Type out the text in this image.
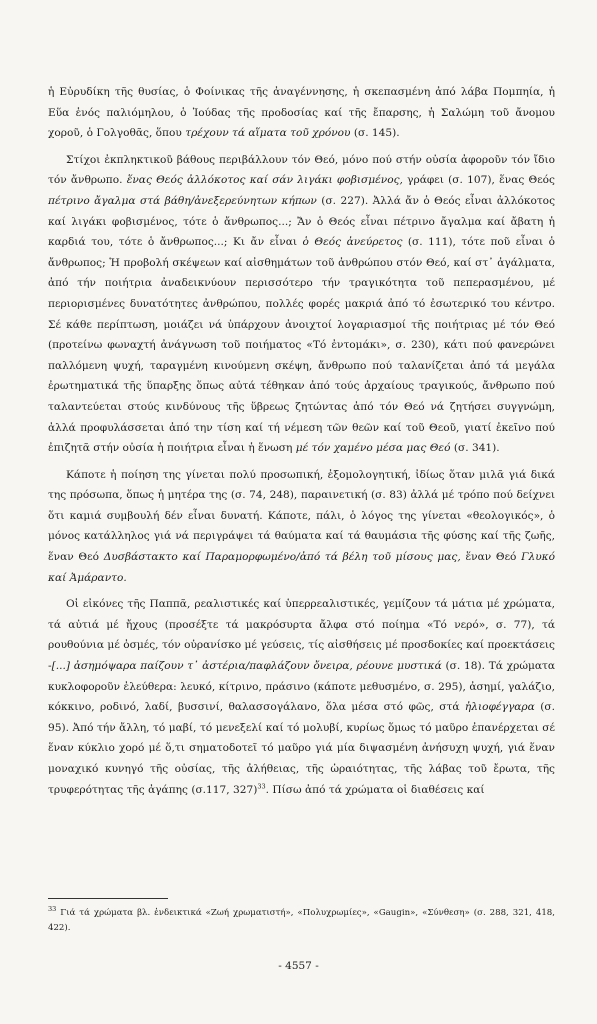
ἡ Εὐρυδίκη τῆς θυσίας, ὁ Φοίνικας τῆς ἀναγέννησης, ἡ σκεπασμένη ἀπό λάβα Πομπηία, ἡ Εὕα ἑνός παλιόμηλου, ὁ Ἰούδας τῆς προδοσίας καί τῆς ἔπαρσης, ἡ Σαλώμη τοῦ ἄνομου χοροῦ, ὁ Γολγοθᾶς, ὅπου τρέχουν τά αἵματα τοῦ χρόνου (σ. 145).

Στίχοι ἐκπληκτικοῦ βάθους περιβάλλουν τόν Θεό, μόνο πού στήν οὐσία ἀφοροῦν τόν ἴδιο τόν ἄνθρωπο. ἕνας Θεός ἀλλόκοτος καί σάν λιγάκι φοβισμένος, γράφει (σ. 107), ἕνας Θεός πέτρινο ἄγαλμα στά βάθη/ἀνεξερεύνητων κήπων (σ. 227). Ἀλλά ἄν ὁ Θεός εἶναι ἀλλόκοτος καί λιγάκι φοβισμένος, τότε ὁ ἄνθρωπος...; Ἄν ὁ Θεός εἶναι πέτρινο ἄγαλμα καί ἄβατη ἡ καρδιά του, τότε ὁ ἄνθρωπος...; Κι ἄν εἶναι ὁ Θεός ἀνεύρετος (σ. 111), τότε ποῦ εἶναι ὁ ἄνθρωπος; Ἡ προβολή σκέψεων καί αἰσθημάτων τοῦ ἀνθρώπου στόν Θεό, καί στ᾽ ἀγάλματα, ἀπό τήν ποιήτρια ἀναδεικνύουν περισσότερο τήν τραγικότητα τοῦ πεπερασμένου, μέ περιορισμένες δυνατότητες ἀνθρώπου, πολλές φορές μακριά ἀπό τό ἐσωτερικό του κέντρο. Σέ κάθε περίπτωση, μοιάζει νά ὑπάρχουν ἀνοιχτοί λογαριασμοί τῆς ποιήτριας μέ τόν Θεό (προτείνω φωναχτή ἀνάγνωση τοῦ ποιήματος «Τό ἐντομάκι», σ. 230), κάτι πού φανερώνει παλλόμενη ψυχή, ταραγμένη κινούμενη σκέψη, ἄνθρωπο πού ταλανίζεται ἀπό τά μεγάλα ἐρωτηματικά τῆς ὕπαρξης ὅπως αὐτά τέθηκαν ἀπό τούς ἀρχαίους τραγικούς, ἄνθρωπο πού ταλαντεύεται στούς κινδύνους τῆς ὕβρεως ζητώντας ἀπό τόν Θεό νά ζητήσει συγγνώμη, ἀλλά προφυλάσσεται ἀπό την τίση καί τή νέμεση τῶν θεῶν καί τοῦ Θεοῦ, γιατί ἐκεῖνο πού ἐπιζητᾶ στήν οὐσία ἡ ποιήτρια εἶναι ἡ ἕνωση μέ τόν χαμένο μέσα μας Θεό (σ. 341).

Κάποτε ἡ ποίηση της γίνεται πολύ προσωπική, ἐξομολογητική, ἰδίως ὅταν μιλᾶ γιά δικά της πρόσωπα, ὅπως ἡ μητέρα της (σ. 74, 248), παραινετική (σ. 83) ἀλλά μέ τρόπο πού δείχνει ὅτι καμιά συμβουλή δέν εἶναι δυνατή. Κάποτε, πάλι, ὁ λόγος της γίνεται «θεολογικός», ὁ μόνος κατάλληλος γιά νά περιγράψει τά θαύματα καί τά θαυμάσια τῆς φύσης καί τῆς ζωῆς, ἕναν Θεό Δυσβάστακτο καί Παραμορφωμένο/ἀπό τά βέλη τοῦ μίσους μας, ἕναν Θεό Γλυκό καί Ἀμάραντο.

Οἱ εἰκόνες τῆς Παππᾶ, ρεαλιστικές καί ὑπερρεαλιστικές, γεμίζουν τά μάτια μέ χρώματα, τά αὐτιά μέ ἤχους (προσέξτε τά μακρόσυρτα ἄλφα στό ποίημα «Τό νερό», σ. 77), τά ρουθούνια μέ ὀσμές, τόν οὐρανίσκο μέ γεύσεις, τίς αἰσθήσεις μέ προσδοκίες καί προεκτάσεις -[...] ἀσημόψαρα παίζουν τ᾽ ἀστέρια/παφλάζουν ὄνειρα, ρέουνε μυστικά (σ. 18). Τά χρώματα κυκλοφοροῦν ἐλεύθερα: λευκό, κίτρινο, πράσινο (κάποτε μεθυσμένο, σ. 295), ἀσημί, γαλάζιο, κόκκινο, ροδινό, λαδί, βυσσινί, θαλασσογάλανο, ὅλα μέσα στό φῶς, στά ἠλιοφέγγαρα (σ. 95). Ἀπό τήν ἄλλη, τό μαβί, τό μενεξελί καί τό μολυβί, κυρίως ὅμως τό μαῦρο ἐπανέρχεται σέ ἕναν κύκλιο χορό μέ ὅ,τι σηματοδοτεῖ τό μαῦρο γιά μία διψασμένη ἀνήσυχη ψυχή, γιά ἕναν μοναχικό κυνηγό τῆς οὐσίας, τῆς ἀλήθειας, τῆς ὡραιότητας, τῆς λάβας τοῦ ἔρωτα, τῆς τρυφερότητας τῆς ἀγάπης (σ.117, 327)$^{33}$. Πίσω ἀπό τά χρώματα οἱ διαθέσεις καί

$^{33}$ Γιά τά χρώματα βλ. ἐνδεικτικά «Ζωή χρωματιστή», «Πολυχρωμίες», «Gaugin», «Σύνθεση» (σ. 288, 321, 418, 422).
- 4557 -
